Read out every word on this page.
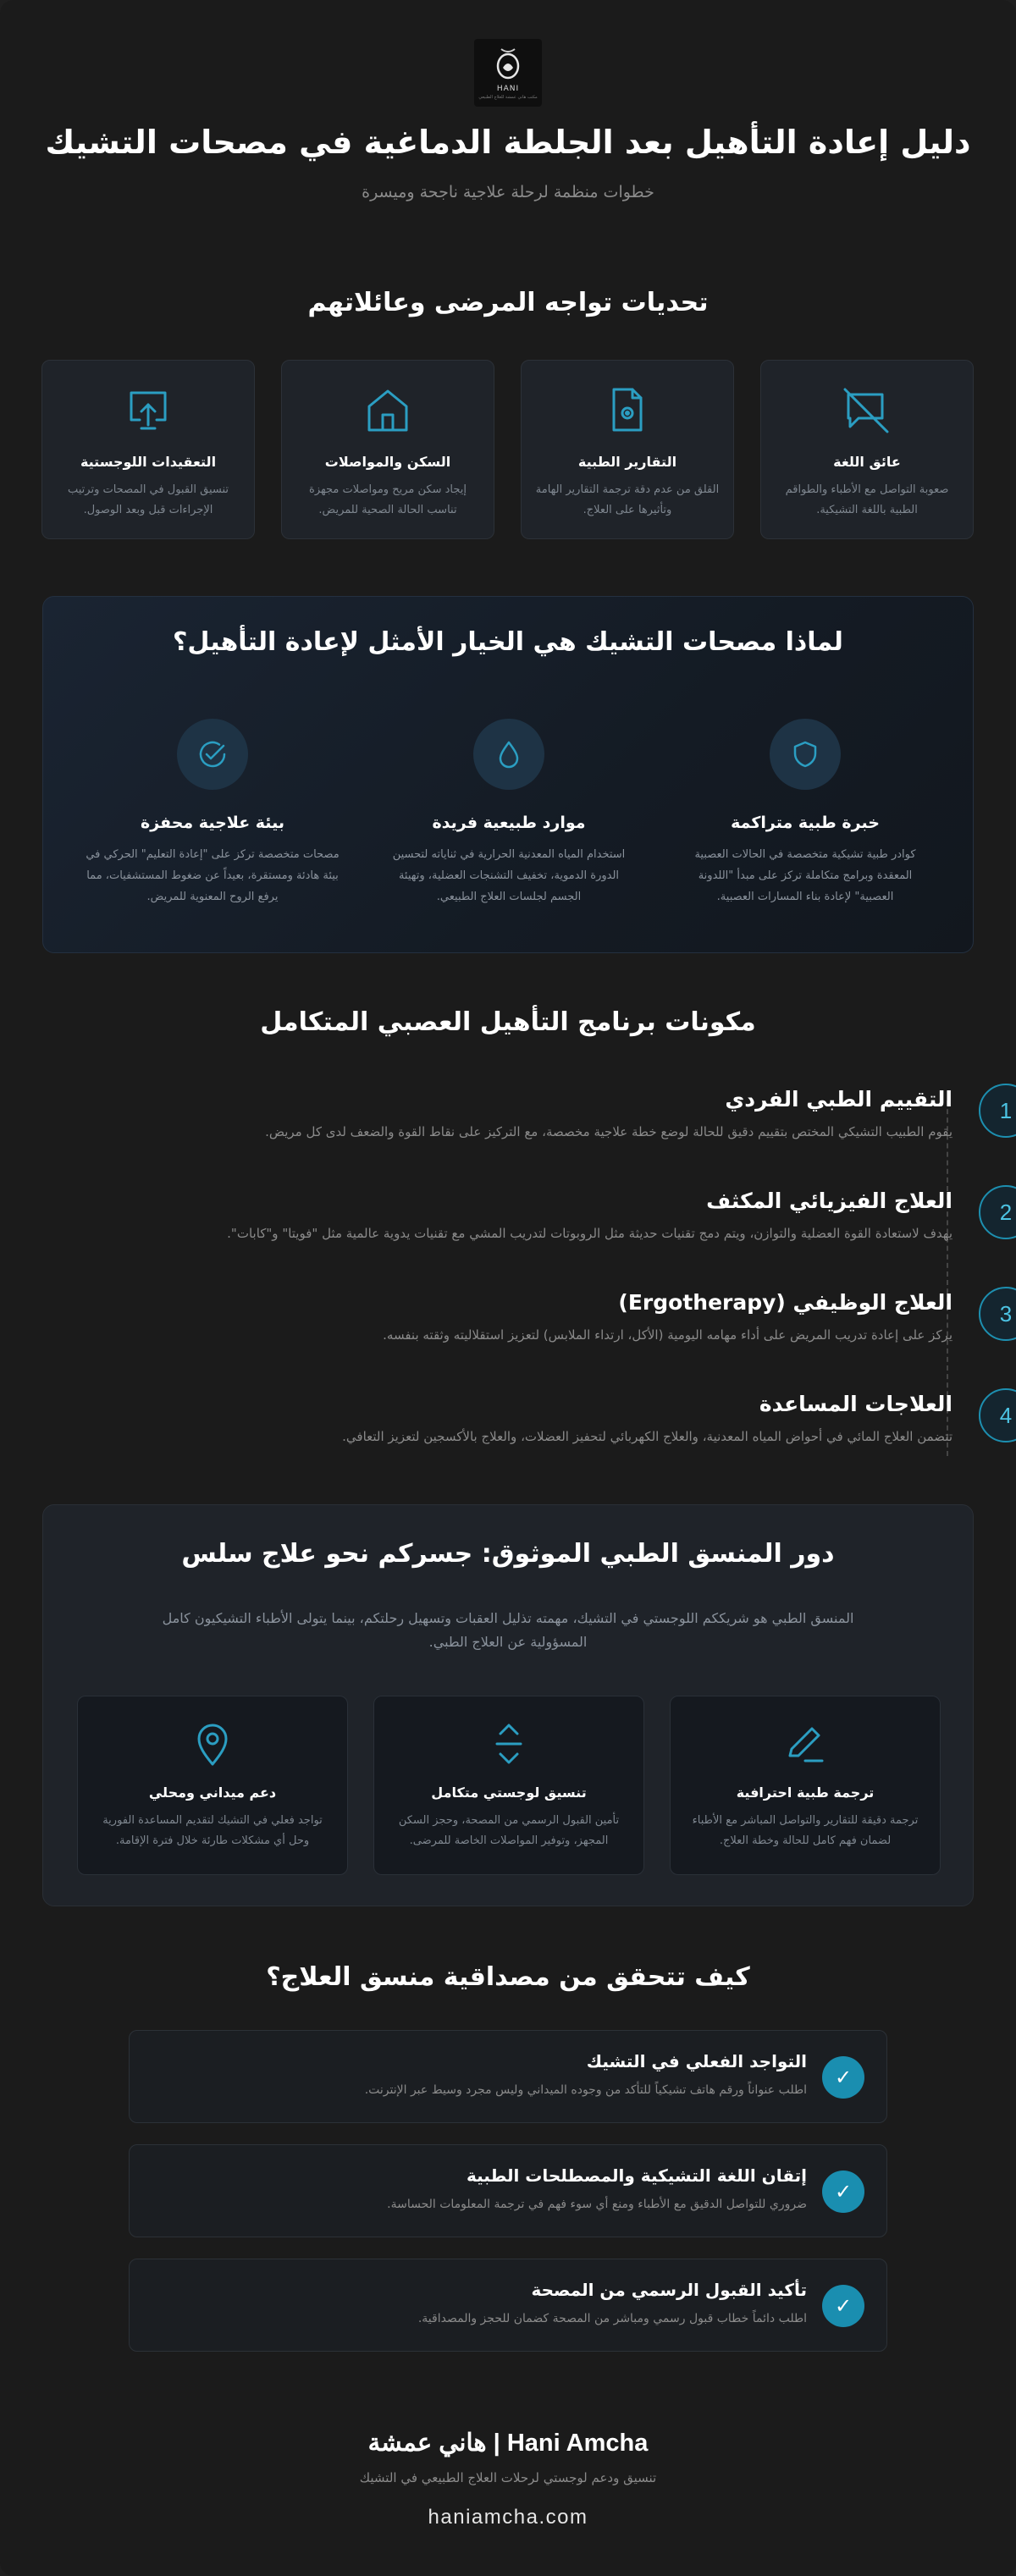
HANI
مكتب هاني عمشة للعلاج الطبيعي
دليل إعادة التأهيل بعد الجلطة الدماغية في مصحات التشيك
خطوات منظمة لرحلة علاجية ناجحة وميسرة
تحديات تواجه المرضى وعائلاتهم
عائق اللغة
صعوبة التواصل مع الأطباء والطواقم الطبية باللغة التشيكية.
التقارير الطبية
القلق من عدم دقة ترجمة التقارير الهامة وتأثيرها على العلاج.
السكن والمواصلات
إيجاد سكن مريح ومواصلات مجهزة تناسب الحالة الصحية للمريض.
التعقيدات اللوجستية
تنسيق القبول في المصحات وترتيب الإجراءات قبل وبعد الوصول.
لماذا مصحات التشيك هي الخيار الأمثل لإعادة التأهيل؟
خبرة طبية متراكمة
كوادر طبية تشيكية متخصصة في الحالات العصبية المعقدة وبرامج متكاملة تركز على مبدأ "اللدونة العصبية" لإعادة بناء المسارات العصبية.
موارد طبيعية فريدة
استخدام المياه المعدنية الحرارية في ثناياته لتحسين الدورة الدموية، تخفيف التشنجات العضلية، وتهيئة الجسم لجلسات العلاج الطبيعي.
بيئة علاجية محفزة
مصحات متخصصة تركز على "إعادة التعليم" الحركي في بيئة هادئة ومستقرة، بعيداً عن ضغوط المستشفيات، مما يرفع الروح المعنوية للمريض.
مكونات برنامج التأهيل العصبي المتكامل
1
التقييم الطبي الفردي
يقوم الطبيب التشيكي المختص بتقييم دقيق للحالة لوضع خطة علاجية مخصصة، مع التركيز على نقاط القوة والضعف لدى كل مريض.
2
العلاج الفيزيائي المكثف
يهدف لاستعادة القوة العضلية والتوازن، ويتم دمج تقنيات حديثة مثل الروبوتات لتدريب المشي مع تقنيات يدوية عالمية مثل "فويتا" و"كابات".
3
العلاج الوظيفي (Ergotherapy)
يركز على إعادة تدريب المريض على أداء مهامه اليومية (الأكل، ارتداء الملابس) لتعزيز استقلاليته وثقته بنفسه.
4
العلاجات المساعدة
تتضمن العلاج المائي في أحواض المياه المعدنية، والعلاج الكهربائي لتحفيز العضلات، والعلاج بالأكسجين لتعزيز التعافي.
دور المنسق الطبي الموثوق: جسركم نحو علاج سلس
المنسق الطبي هو شريككم اللوجستي في التشيك، مهمته تذليل العقبات وتسهيل رحلتكم، بينما يتولى الأطباء التشيكيون كامل المسؤولية عن العلاج الطبي.
ترجمة طبية احترافية
ترجمة دقيقة للتقارير والتواصل المباشر مع الأطباء لضمان فهم كامل للحالة وخطة العلاج.
تنسيق لوجستي متكامل
تأمين القبول الرسمي من المصحة، وحجز السكن المجهز، وتوفير المواصلات الخاصة للمرضى.
دعم ميداني ومحلي
تواجد فعلي في التشيك لتقديم المساعدة الفورية وحل أي مشكلات طارئة خلال فترة الإقامة.
كيف تتحقق من مصداقية منسق العلاج؟
✓
التواجد الفعلي في التشيك
اطلب عنواناً ورقم هاتف تشيكياً للتأكد من وجوده الميداني وليس مجرد وسيط عبر الإنترنت.
✓
إتقان اللغة التشيكية والمصطلحات الطبية
ضروري للتواصل الدقيق مع الأطباء ومنع أي سوء فهم في ترجمة المعلومات الحساسة.
✓
تأكيد القبول الرسمي من المصحة
اطلب دائماً خطاب قبول رسمي ومباشر من المصحة كضمان للحجز والمصداقية.
Hani Amcha | هاني عمشة
تنسيق ودعم لوجستي لرحلات العلاج الطبيعي في التشيك
haniamcha.com
